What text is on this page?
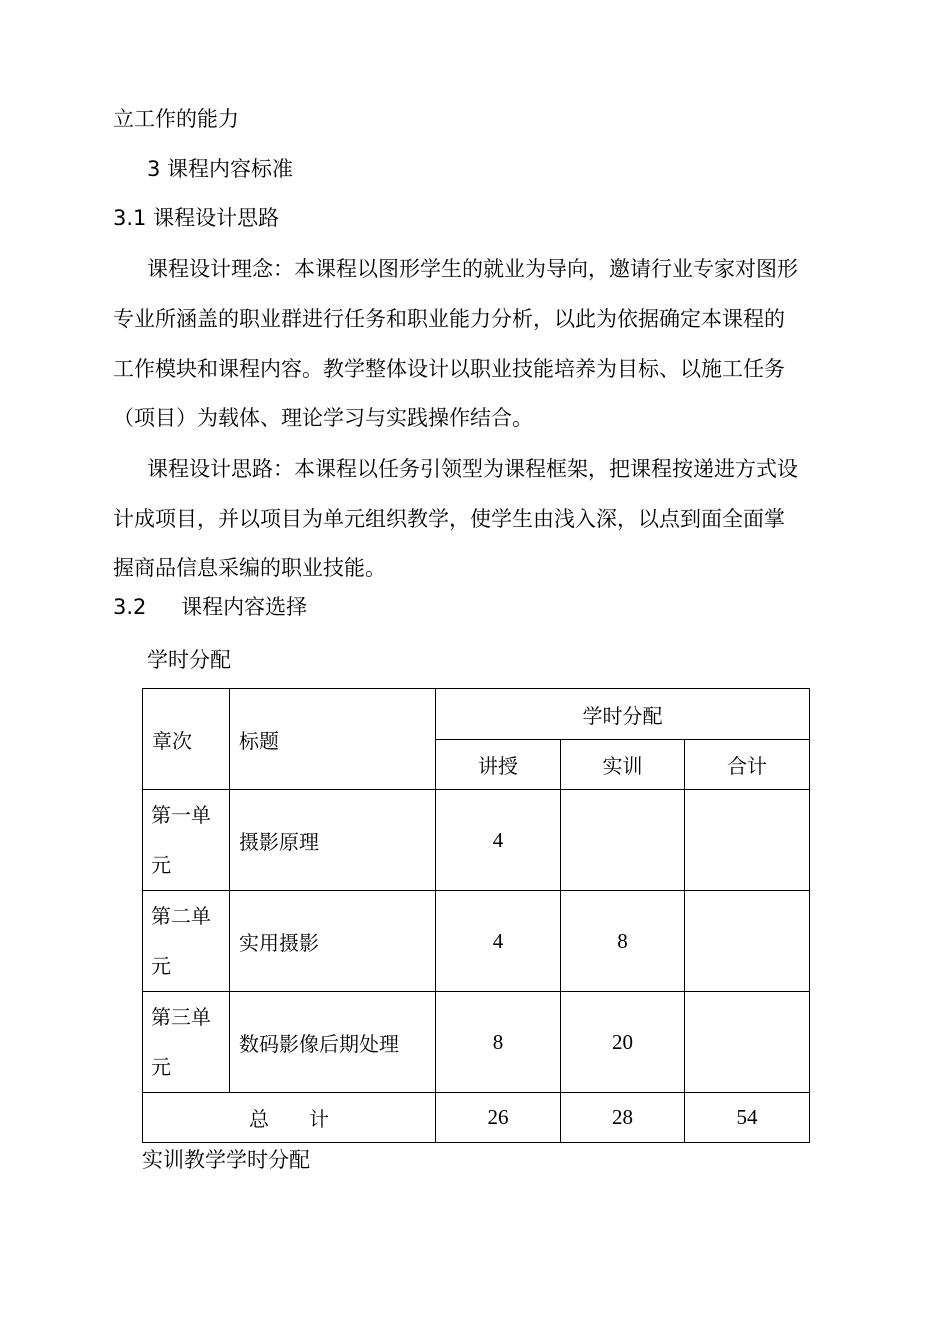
立工作的能力
3 课程内容标准
3.1 课程设计思路
课程设计理念：本课程以图形学生的就业为导向，邀请行业专家对图形
专业所涵盖的职业群进行任务和职业能力分析，以此为依据确定本课程的
工作模块和课程内容。教学整体设计以职业技能培养为目标、以施工任务
（项目）为载体、理论学习与实践操作结合。
课程设计思路：本课程以任务引领型为课程框架，把课程按递进方式设
计成项目，并以项目为单元组织教学，使学生由浅入深，以点到面全面掌
握商品信息采编的职业技能。
3.2 课程内容选择
学时分配
章次	标题	学时分配		
		讲授	实训	合计
第一单
元	摄影原理	4		
第二单
元	实用摄影	4	8	
第三单
元	数码影像后期处理	8	20	
总　　计		26	28	54
实训教学学时分配
